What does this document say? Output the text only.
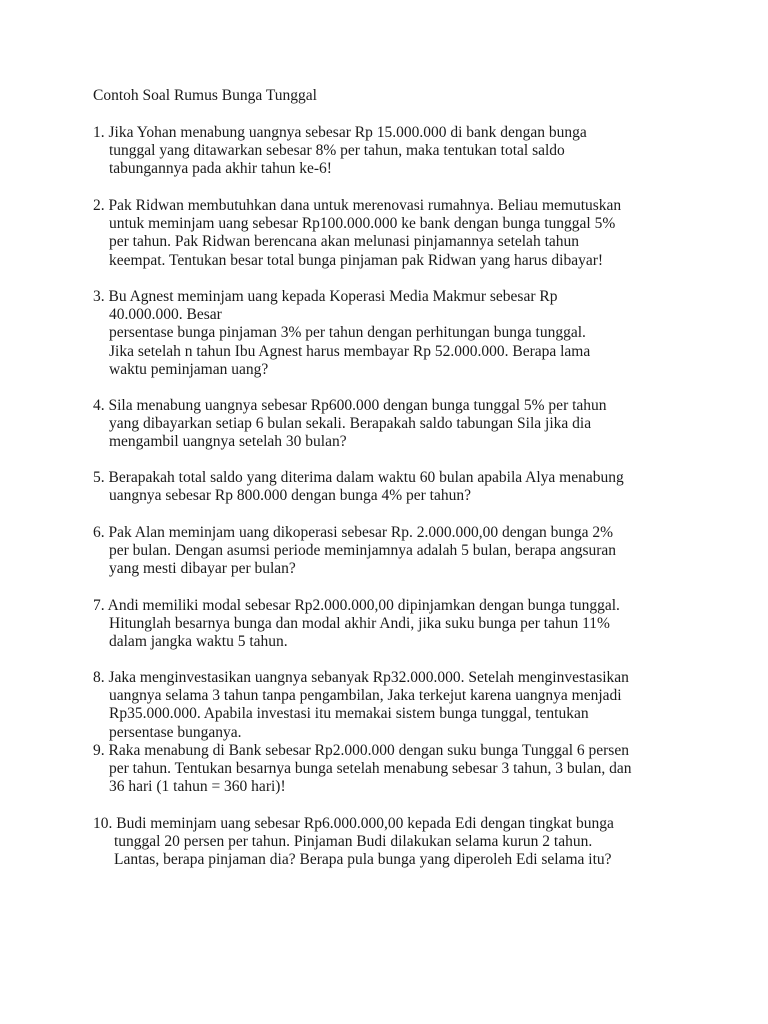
Contoh Soal Rumus Bunga Tunggal
1. Jika Yohan menabung uangnya sebesar Rp 15.000.000 di bank dengan bunga
tunggal yang ditawarkan sebesar 8% per tahun, maka tentukan total saldo
tabungannya pada akhir tahun ke-6!
2. Pak Ridwan membutuhkan dana untuk merenovasi rumahnya. Beliau memutuskan
untuk meminjam uang sebesar Rp100.000.000 ke bank dengan bunga tunggal 5%
per tahun. Pak Ridwan berencana akan melunasi pinjamannya setelah tahun
keempat. Tentukan besar total bunga pinjaman pak Ridwan yang harus dibayar!
3. Bu Agnest meminjam uang kepada Koperasi Media Makmur sebesar Rp
40.000.000. Besar
persentase bunga pinjaman 3% per tahun dengan perhitungan bunga tunggal.
Jika setelah n tahun Ibu Agnest harus membayar Rp 52.000.000. Berapa lama
waktu peminjaman uang?
4. Sila menabung uangnya sebesar Rp600.000 dengan bunga tunggal 5% per tahun
yang dibayarkan setiap 6 bulan sekali. Berapakah saldo tabungan Sila jika dia
mengambil uangnya setelah 30 bulan?
5. Berapakah total saldo yang diterima dalam waktu 60 bulan apabila Alya menabung
uangnya sebesar Rp 800.000 dengan bunga 4% per tahun?
6. Pak Alan meminjam uang dikoperasi sebesar Rp. 2.000.000,00 dengan bunga 2%
per bulan. Dengan asumsi periode meminjamnya adalah 5 bulan, berapa angsuran
yang mesti dibayar per bulan?
7. Andi memiliki modal sebesar Rp2.000.000,00 dipinjamkan dengan bunga tunggal.
Hitunglah besarnya bunga dan modal akhir Andi, jika suku bunga per tahun 11%
dalam jangka waktu 5 tahun.
8. Jaka menginvestasikan uangnya sebanyak Rp32.000.000. Setelah menginvestasikan
uangnya selama 3 tahun tanpa pengambilan, Jaka terkejut karena uangnya menjadi
Rp35.000.000. Apabila investasi itu memakai sistem bunga tunggal, tentukan
persentase bunganya.
9. Raka menabung di Bank sebesar Rp2.000.000 dengan suku bunga Tunggal 6 persen
per tahun. Tentukan besarnya bunga setelah menabung sebesar 3 tahun, 3 bulan, dan
36 hari (1 tahun = 360 hari)!
10. Budi meminjam uang sebesar Rp6.000.000,00 kepada Edi dengan tingkat bunga
tunggal 20 persen per tahun. Pinjaman Budi dilakukan selama kurun 2 tahun.
Lantas, berapa pinjaman dia? Berapa pula bunga yang diperoleh Edi selama itu?
